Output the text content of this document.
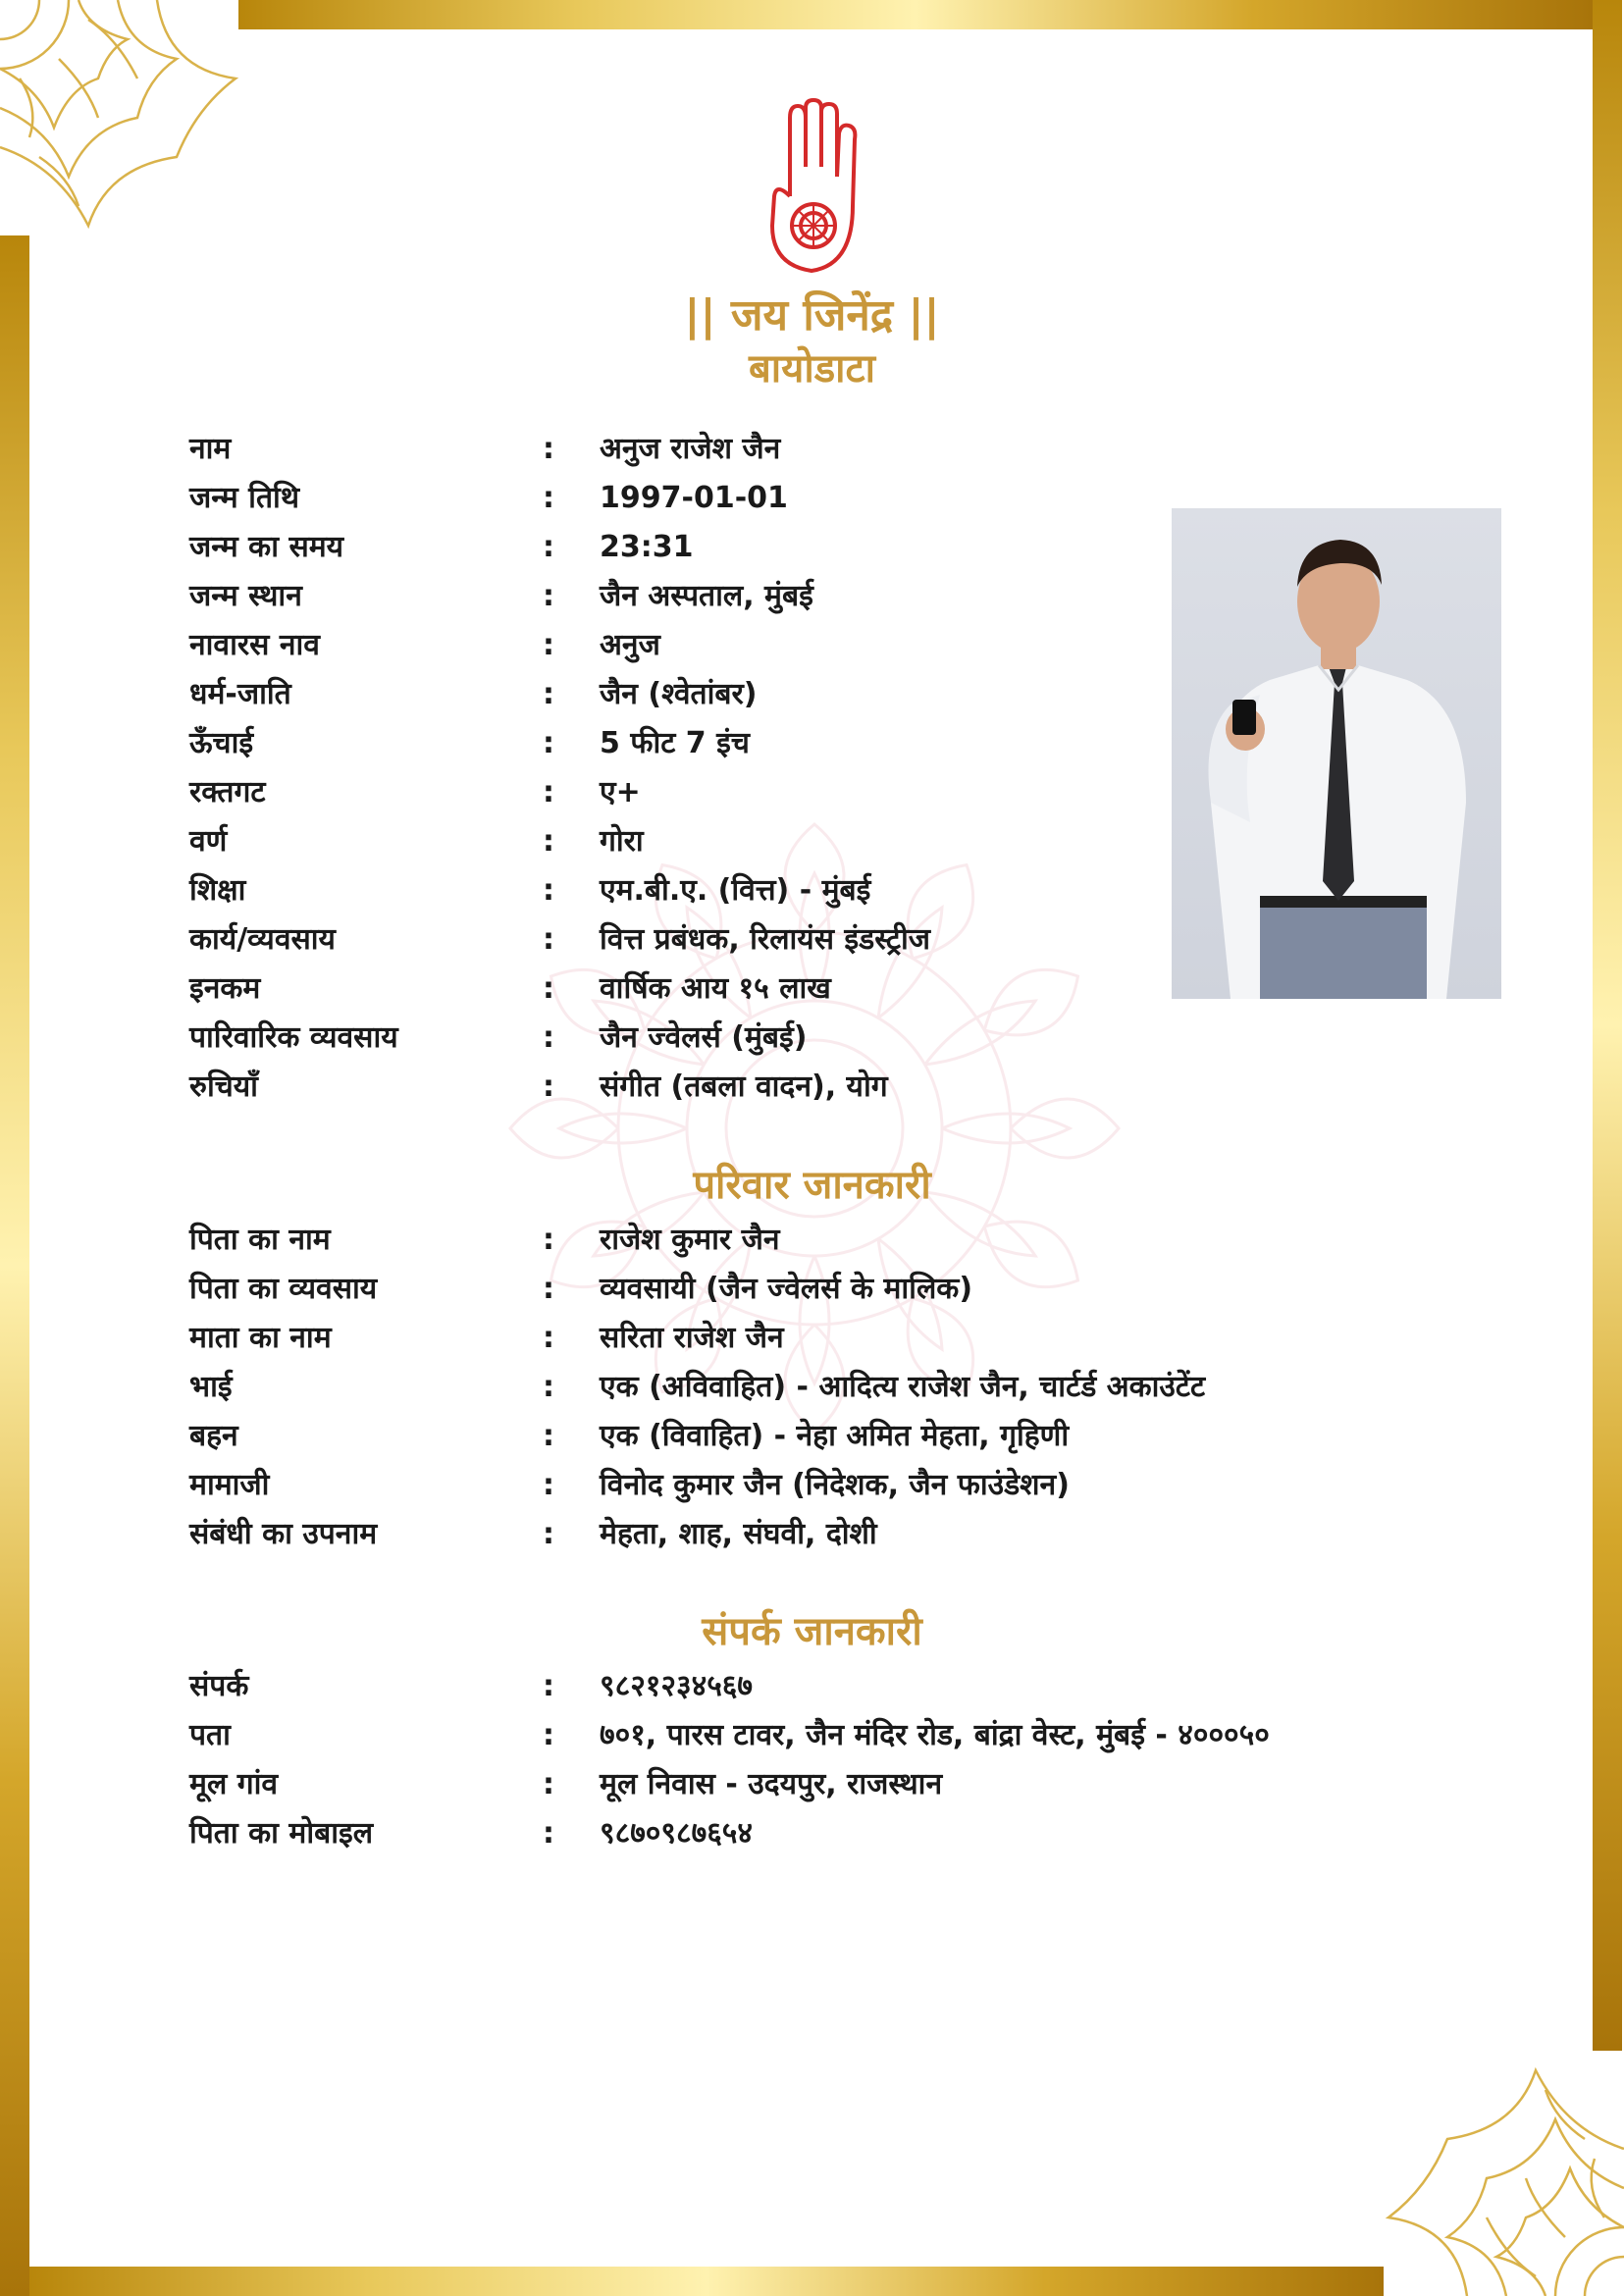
|| जय जिनेंद्र ||
बायोडाटा
नाम	:	अनुज राजेश जैन
जन्म तिथि	:	1997-01-01
जन्म का समय	:	23:31
जन्म स्थान	:	जैन अस्पताल, मुंबई
नावारस नाव	:	अनुज
धर्म-जाति	:	जैन (श्वेतांबर)
ऊँचाई	:	5 फीट 7 इंच
रक्तगट	:	ए+
वर्ण	:	गोरा
शिक्षा	:	एम.बी.ए. (वित्त) - मुंबई
कार्य/व्यवसाय	:	वित्त प्रबंधक, रिलायंस इंडस्ट्रीज
इनकम	:	वार्षिक आय १५ लाख
पारिवारिक व्यवसाय	:	जैन ज्वेलर्स (मुंबई)
रुचियाँ	:	संगीत (तबला वादन), योग
परिवार जानकारी
पिता का नाम	:	राजेश कुमार जैन
पिता का व्यवसाय	:	व्यवसायी (जैन ज्वेलर्स के मालिक)
माता का नाम	:	सरिता राजेश जैन
भाई	:	एक (अविवाहित) - आदित्य राजेश जैन, चार्टर्ड अकाउंटेंट
बहन	:	एक (विवाहित) - नेहा अमित मेहता, गृहिणी
मामाजी	:	विनोद कुमार जैन (निदेशक, जैन फाउंडेशन)
संबंधी का उपनाम	:	मेहता, शाह, संघवी, दोशी
संपर्क जानकारी
संपर्क	:	९८२१२३४५६७
पता	:	७०१, पारस टावर, जैन मंदिर रोड, बांद्रा वेस्ट, मुंबई - ४०००५०
मूल गांव	:	मूल निवास - उदयपुर, राजस्थान
पिता का मोबाइल	:	९८७०९८७६५४
